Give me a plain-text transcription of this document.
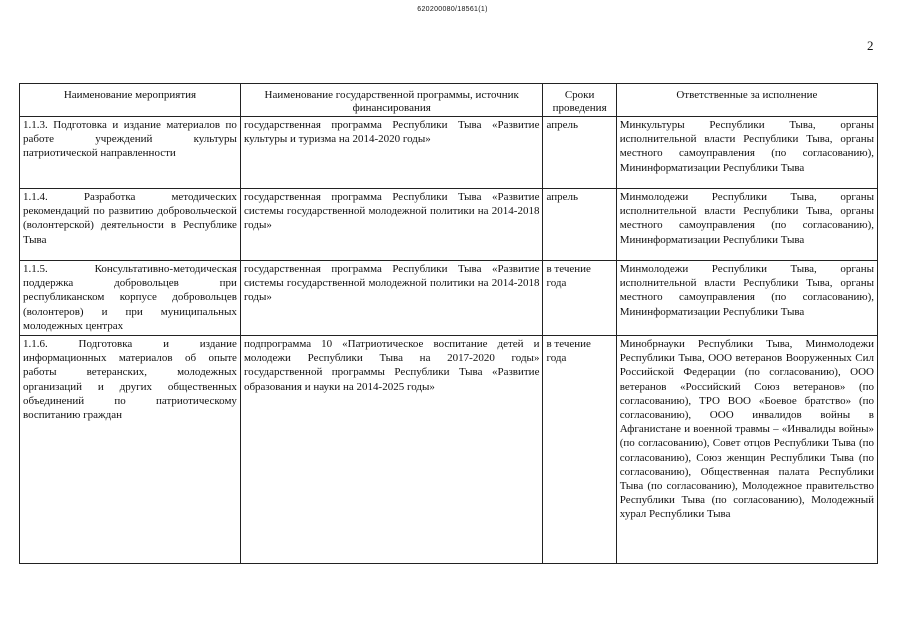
620200080/18561(1)
2
Наименование мероприятия	Наименование государственной программы, источник финансирования	Сроки проведения	Ответственные за исполнение
1.1.3. Подготовка и издание материалов по работе учреждений культуры патриотической направленности	государственная программа Республики Тыва «Развитие культуры и туризма на 2014-2020 годы»	апрель	Минкультуры Республики Тыва, органы исполнительной власти Республики Тыва, органы местного самоуправления (по согласованию), Мининформатизации Республики Тыва
1.1.4. Разработка методических рекомендаций по развитию добровольческой (волонтерской) деятельности в Республике Тыва	государственная программа Республики Тыва «Развитие системы государственной молодежной политики на 2014-2018 годы»	апрель	Минмолодежи Республики Тыва, органы исполнительной власти Республики Тыва, органы местного самоуправления (по согласованию), Мининформатизации Республики Тыва
1.1.5. Консультативно-методическая поддержка добровольцев при республиканском корпусе добровольцев (волонтеров) и при муниципальных молодежных центрах	государственная программа Республики Тыва «Развитие системы государственной молодежной политики на 2014-2018 годы»	в течение года	Минмолодежи Республики Тыва, органы исполнительной власти Республики Тыва, органы местного самоуправления (по согласованию), Мининформатизации Республики Тыва
1.1.6. Подготовка и издание информационных материалов об опыте работы ветеранских, молодежных организаций и других общественных объединений по патриотическому воспитанию граждан	подпрограмма 10 «Патриотическое воспитание детей и молодежи Республики Тыва на 2017-2020 годы» государственной программы Республики Тыва «Развитие образования и науки на 2014-2025 годы»	в течение года	Минобрнауки Республики Тыва, Минмолодежи Республики Тыва, ООО ветеранов Вооруженных Сил Российской Федерации (по согласованию), ООО ветеранов «Российский Союз ветеранов» (по согласованию), ТРО ВОО «Боевое братство» (по согласованию), ООО инвалидов войны в Афганистане и военной травмы – «Инвалиды войны» (по согласованию), Совет отцов Республики Тыва (по согласованию), Союз женщин Республики Тыва (по согласованию), Общественная палата Республики Тыва (по согласованию), Молодежное правительство Республики Тыва (по согласованию), Молодежный хурал Республики Тыва
